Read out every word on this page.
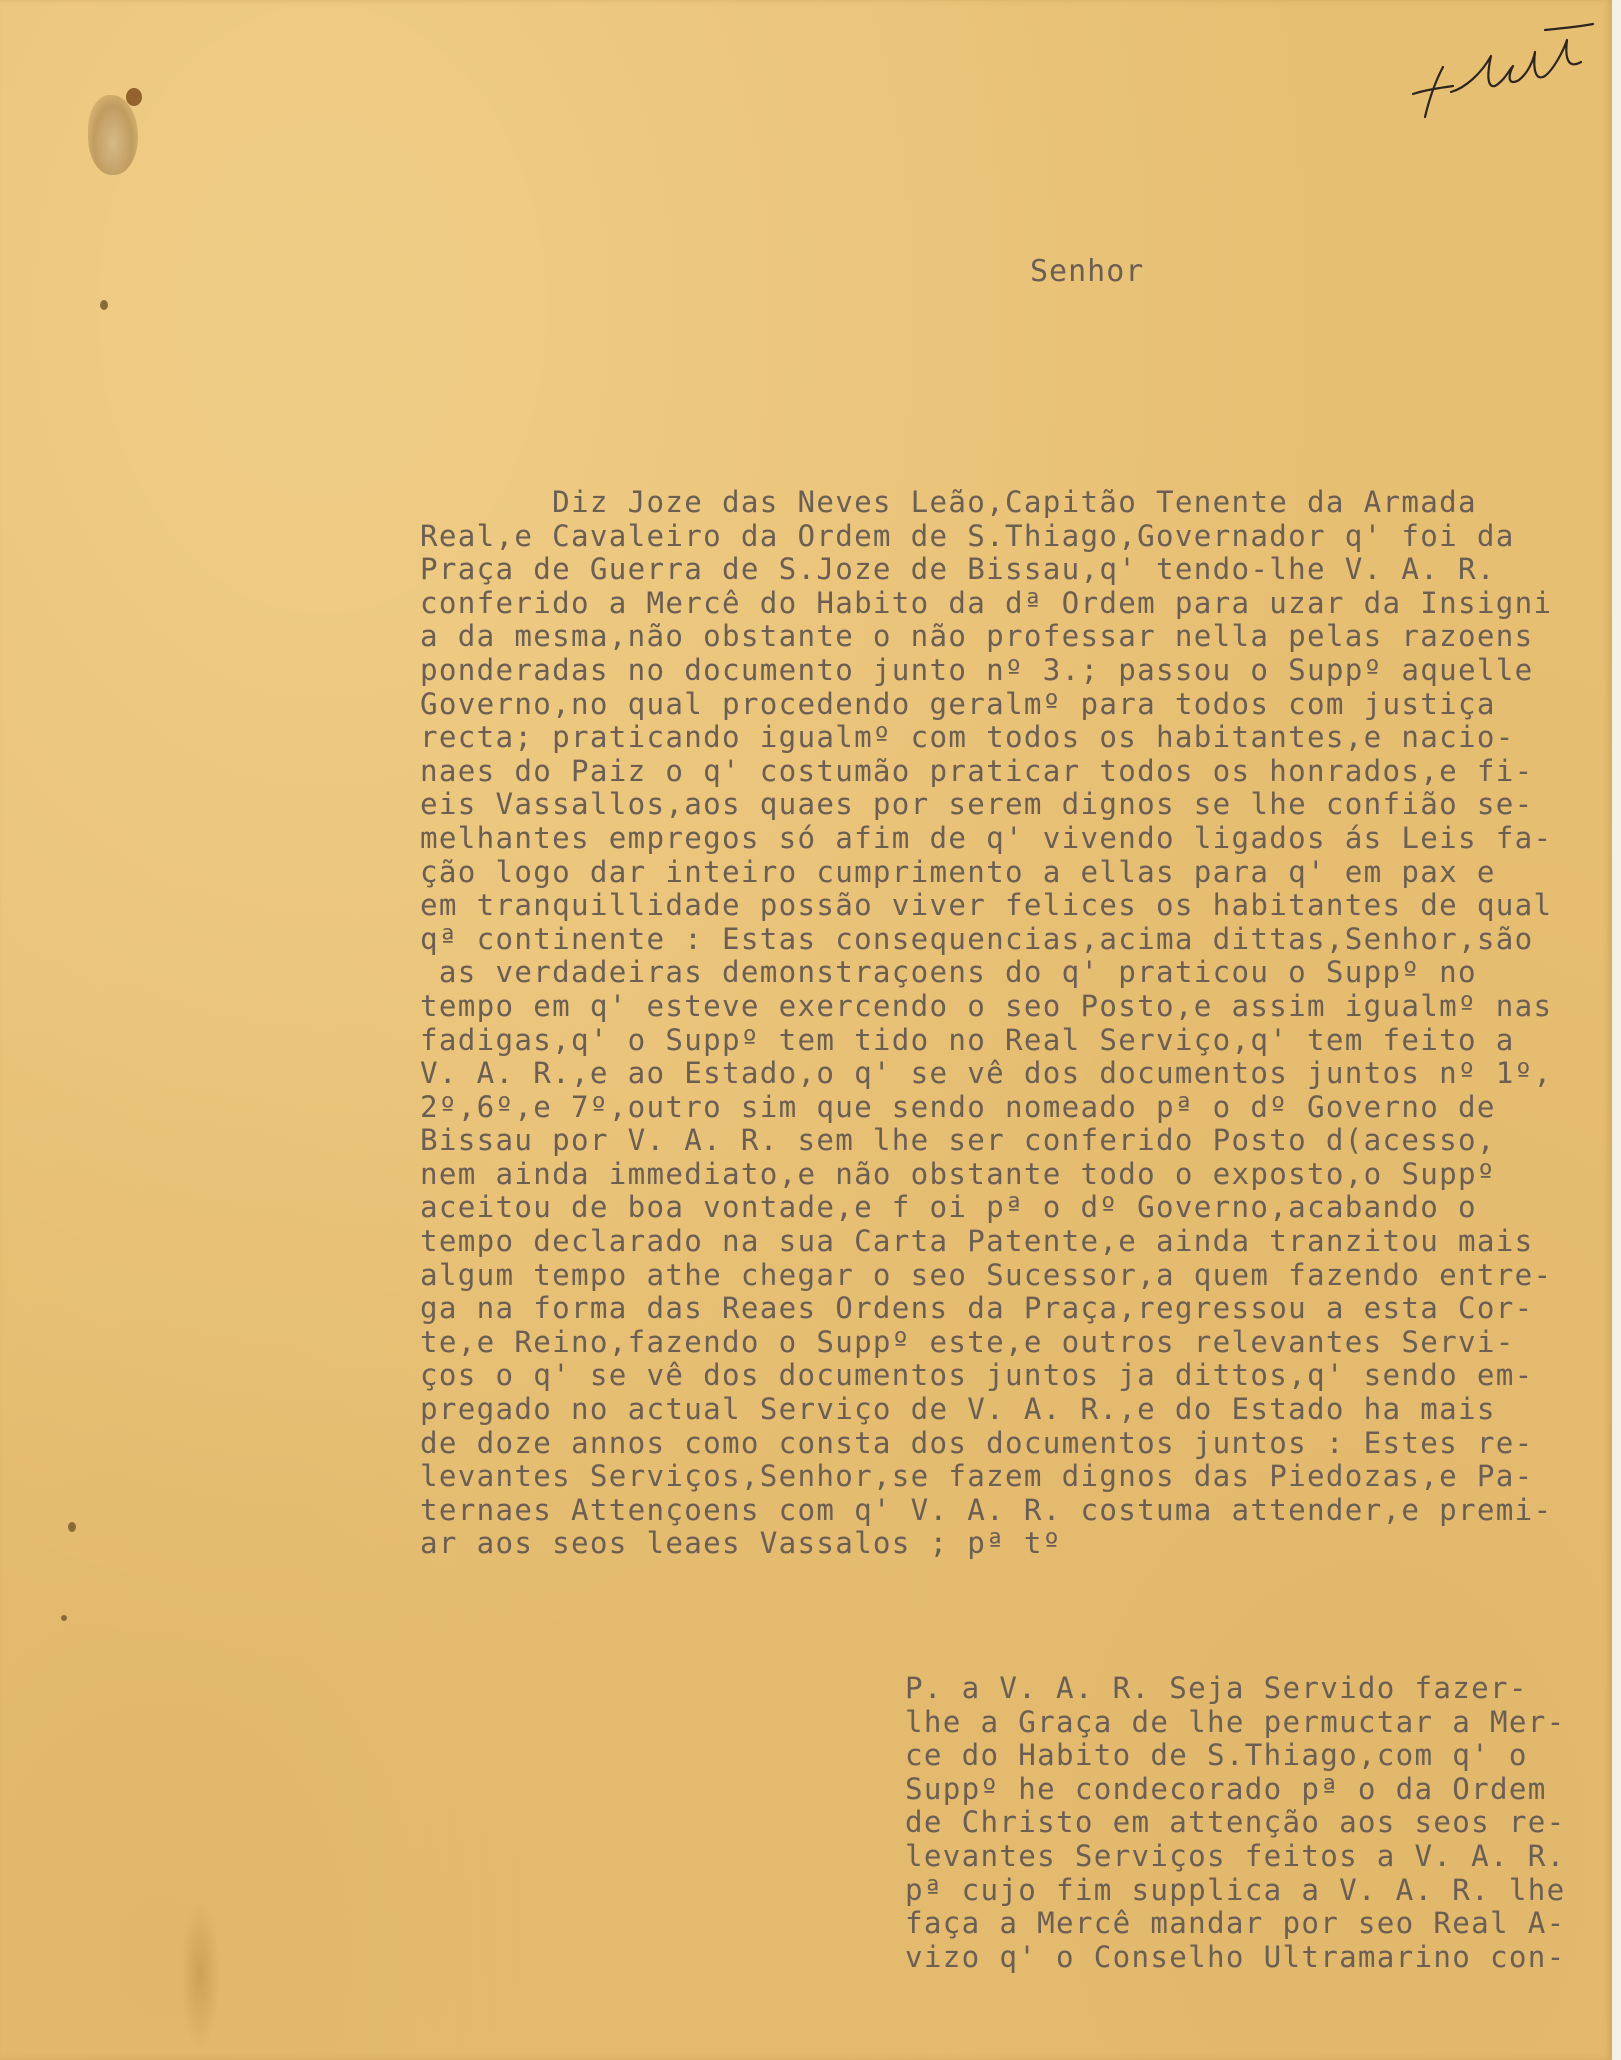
Senhor
Diz Joze das Neves Leão,Capitão Tenente da Armada
Real,e Cavaleiro da Ordem de S.Thiago,Governador q' foi da
Praça de Guerra de S.Joze de Bissau,q' tendo-lhe V. A. R.
conferido a Mercê do Habito da dª Ordem para uzar da Insigni
a da mesma,não obstante o não professar nella pelas razoens
ponderadas no documento junto nº 3.; passou o Suppº aquelle
Governo,no qual procedendo geralmº para todos com justiça
recta; praticando igualmº com todos os habitantes,e nacio-
naes do Paiz o q' costumão praticar todos os honrados,e fi-
eis Vassallos,aos quaes por serem dignos se lhe confião se-
melhantes empregos só afim de q' vivendo ligados ás Leis fa-
ção logo dar inteiro cumprimento a ellas para q' em pax e
em tranquillidade possão viver felices os habitantes de qual
qª continente : Estas consequencias,acima dittas,Senhor,são
as verdadeiras demonstraçoens do q' praticou o Suppº no
tempo em q' esteve exercendo o seo Posto,e assim igualmº nas
fadigas,q' o Suppº tem tido no Real Serviço,q' tem feito a
V. A. R.,e ao Estado,o q' se vê dos documentos juntos nº 1º,
2º,6º,e 7º,outro sim que sendo nomeado pª o dº Governo de
Bissau por V. A. R. sem lhe ser conferido Posto d(acesso,
nem ainda immediato,e não obstante todo o exposto,o Suppº
aceitou de boa vontade,e f oi pª o dº Governo,acabando o
tempo declarado na sua Carta Patente,e ainda tranzitou mais
algum tempo athe chegar o seo Sucessor,a quem fazendo entre-
ga na forma das Reaes Ordens da Praça,regressou a esta Cor-
te,e Reino,fazendo o Suppº este,e outros relevantes Servi-
ços o q' se vê dos documentos juntos ja dittos,q' sendo em-
pregado no actual Serviço de V. A. R.,e do Estado ha mais
de doze annos como consta dos documentos juntos : Estes re-
levantes Serviços,Senhor,se fazem dignos das Piedozas,e Pa-
ternaes Attençoens com q' V. A. R. costuma attender,e premi-
ar aos seos leaes Vassalos ; pª tº
P. a V. A. R. Seja Servido fazer-
lhe a Graça de lhe permuctar a Mer-
ce do Habito de S.Thiago,com q' o
Suppº he condecorado pª o da Ordem
de Christo em attenção aos seos re-
levantes Serviços feitos a V. A. R.
pª cujo fim supplica a V. A. R. lhe
faça a Mercê mandar por seo Real A-
vizo q' o Conselho Ultramarino con-
